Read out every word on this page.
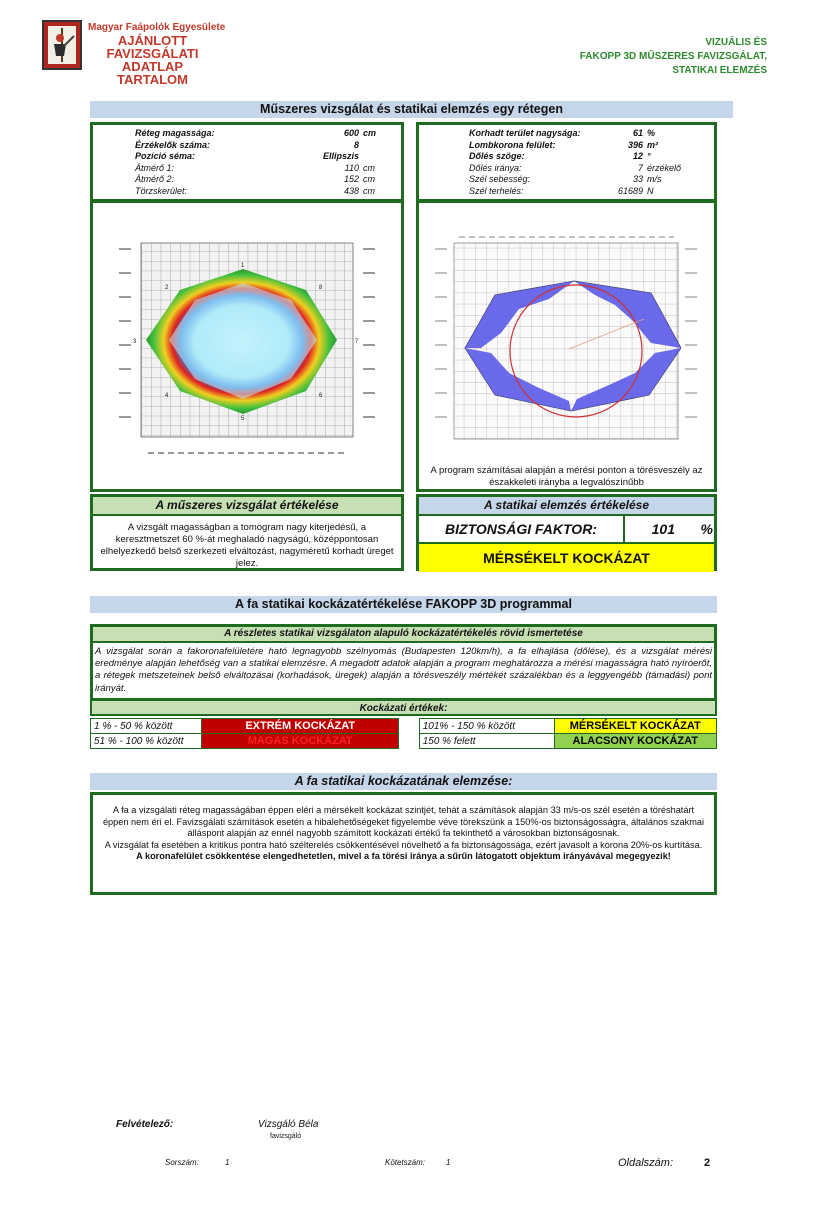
Magyar Faápolók Egyesülete
AJÁNLOTT
FAVIZSGÁLATI
ADATLAP TARTALOM
VIZUÁLIS ÉS
FAKOPP 3D MŰSZERES FAVIZSGÁLAT,
STATIKAI ELEMZÉS
Műszeres vizsgálat és statikai elemzés egy rétegen
Réteg magassága:	600	cm
Érzékelők száma:	8	
Pozíció séma:	Ellipszis	
Átmérő 1:	110	cm
Átmérő 2:	152	cm
Törzskerület:	438	cm
Korhadt terület nagysága:	61	%
Lombkorona felület:	396	m²
Dőlés szöge:	12	°
Dőlés iránya:	7	érzékelő
Szél sebesség:	33	m/s
Szél terhelés:	61689	N
1
2
3
4
5
6
7
8
A program számításai alapján a mérési ponton a törésveszély az északkeleti irányba a legvalószínűbb
A műszeres vizsgálat értékelése
A vizsgált magasságban a tomogram nagy kiterjedésű, a keresztmetszet 60 %-át meghaladó nagyságú, középpontosan elhelyezkedő belső szerkezeti elváltozást, nagyméretű korhadt üreget jelez.
A statikai elemzés értékelése
BIZTONSÁGI FAKTOR:	101	%
MÉRSÉKELT KOCKÁZAT
A fa statikai kockázatértékelése FAKOPP 3D programmal
A részletes statikai vizsgálaton alapuló kockázatértékelés rövid ismertetése
A vizsgálat során a fakoronafelületére ható legnagyobb szélnyomás (Budapesten 120km/h), a fa elhajlása (dőlése), és a vizsgálat mérési eredménye alapján lehetőség van a statikai elemzésre. A megadott adatok alapján a program meghatározza a mérési magasságra ható nyíróerőt, a rétegek metszeteinek belső elváltozásai (korhadások, üregek) alapján a törésveszély mértékét százalékban és a leggyengébb (támadási) pont irányát.
Kockázati értékek:
1 % - 50 % között	EXTRÉM KOCKÁZAT		101% - 150 % között	MÉRSÉKELT KOCKÁZAT
51 % - 100 % között	MAGAS KOCKÁZAT		150 % felett	ALACSONY KOCKÁZAT
A fa statikai kockázatának elemzése:
A fa a vizsgálati réteg magasságában éppen eléri a mérsékelt kockázat szintjét, tehát a számítások alapján 33 m/s-os szél esetén a töréshatárt éppen nem éri el. Favizsgálati számítások esetén a hibalehetőségeket figyelembe véve törekszünk a 150%-os biztonságosságra, általános szakmai álláspont alapján az ennél nagyobb számított kockázati értékű fa tekinthető a városokban biztonságosnak.
A vizsgálat fa esetében a kritikus pontra ható szélterelés csökkentésével növelhető a fa biztonságossága, ezért javasolt a korona 20%-os kurtítása.
A koronafelület csökkentése elengedhetetlen, mivel a fa törési iránya a sűrűn látogatott objektum irányávával megegyezik!
Felvételező:	Vizsgáló Béla
favizsgáló
Sorszám:	1	Kötetszám:	1	Oldalszám:	2
